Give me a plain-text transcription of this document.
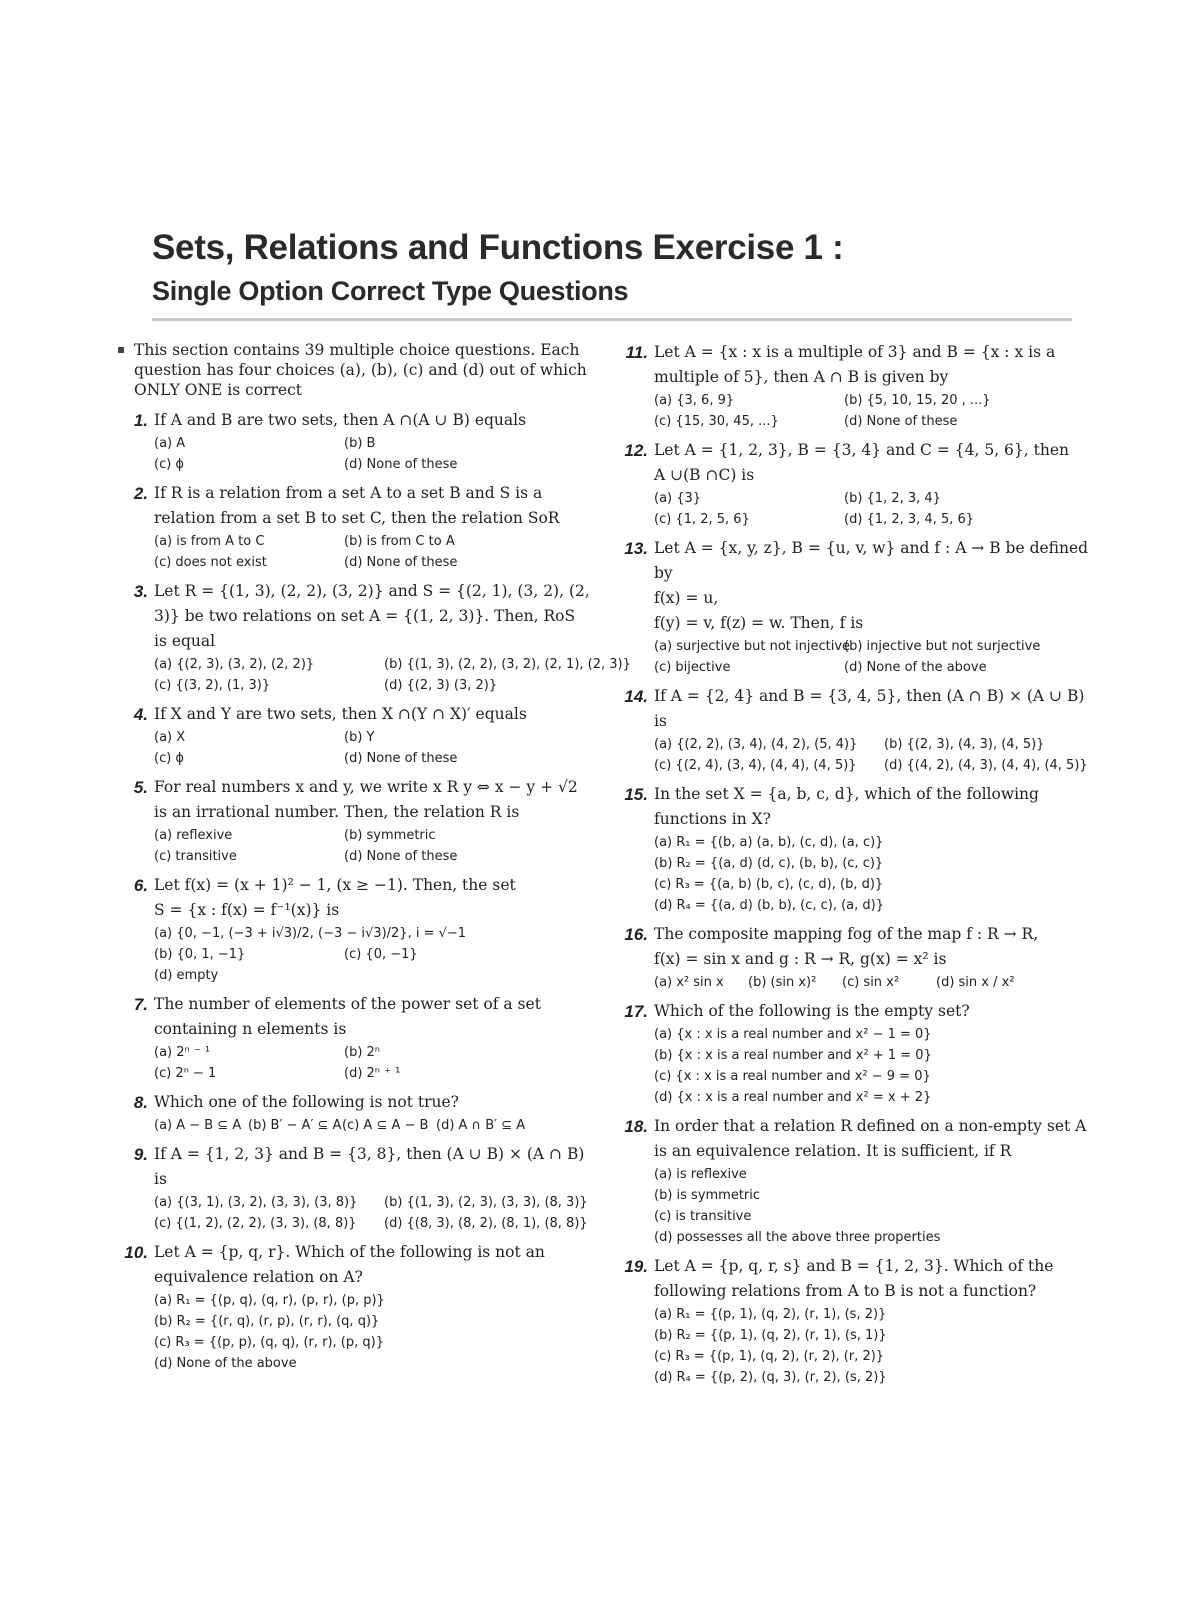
Sets, Relations and Functions Exercise 1 :
Single Option Correct Type Questions
This section contains 39 multiple choice questions. Each question has four choices (a), (b), (c) and (d) out of which ONLY ONE is correct
1. If A and B are two sets, then A ∩(A ∪ B) equals
(a) A	(b) B
(c) ϕ	(d) None of these
2. If R is a relation from a set A to a set B and S is a relation from a set B to set C, then the relation SoR
(a) is from A to C	(b) is from C to A
(c) does not exist	(d) None of these
3. Let R = {(1, 3), (2, 2), (3, 2)} and S = {(2, 1), (3, 2), (2, 3)} be two relations on set A = {(1, 2, 3)}. Then, RoS is equal
(a) {(2, 3), (3, 2), (2, 2)}	(b) {(1, 3), (2, 2), (3, 2), (2, 1), (2, 3)}
(c) {(3, 2), (1, 3)}	(d) {(2, 3) (3, 2)}
4. If X and Y are two sets, then X ∩(Y ∩ X)′ equals
(a) X	(b) Y
(c) ϕ	(d) None of these
5. For real numbers x and y, we write x R y ⇔ x − y + √2
is an irrational number. Then, the relation R is
(a) reflexive	(b) symmetric
(c) transitive	(d) None of these
6. Let f(x) = (x + 1)² − 1, (x ≥ −1). Then, the set
S = {x : f(x) = f⁻¹(x)} is
(a) {0, −1, (−3 + i√3)/2, (−3 − i√3)/2}, i = √−1
(b) {0, 1, −1}	(c) {0, −1}
(d) empty
7. The number of elements of the power set of a set containing n elements is
(a) 2ⁿ ⁻ ¹	(b) 2ⁿ
(c) 2ⁿ − 1	(d) 2ⁿ ⁺ ¹
8. Which one of the following is not true?
(a) A − B ⊆ A (b) B′ − A′ ⊆ A (c) A ⊆ A − B (d) A ∩ B′ ⊆ A
9. If A = {1, 2, 3} and B = {3, 8}, then (A ∪ B) × (A ∩ B) is
(a) {(3, 1), (3, 2), (3, 3), (3, 8)}	(b) {(1, 3), (2, 3), (3, 3), (8, 3)}
(c) {(1, 2), (2, 2), (3, 3), (8, 8)}	(d) {(8, 3), (8, 2), (8, 1), (8, 8)}
10. Let A = {p, q, r}. Which of the following is not an equivalence relation on A?
(a) R₁ = {(p, q), (q, r), (p, r), (p, p)}
(b) R₂ = {(r, q), (r, p), (r, r), (q, q)}
(c) R₃ = {(p, p), (q, q), (r, r), (p, q)}
(d) None of the above
11. Let A = {x : x is a multiple of 3} and B = {x : x is a multiple of 5}, then A ∩ B is given by
(a) {3, 6, 9}	(b) {5, 10, 15, 20 , ...}
(c) {15, 30, 45, ...}	(d) None of these
12. Let A = {1, 2, 3}, B = {3, 4} and C = {4, 5, 6}, then
A ∪(B ∩C) is
(a) {3}	(b) {1, 2, 3, 4}
(c) {1, 2, 5, 6}	(d) {1, 2, 3, 4, 5, 6}
13. Let A = {x, y, z}, B = {u, v, w} and f : A → B be defined by
f(x) = u,
f(y) = v, f(z) = w. Then, f is
(a) surjective but not injective
(b) injective but not surjective
(c) bijective	(d) None of the above
14. If A = {2, 4} and B = {3, 4, 5}, then (A ∩ B) × (A ∪ B) is
(a) {(2, 2), (3, 4), (4, 2), (5, 4)}	(b) {(2, 3), (4, 3), (4, 5)}
(c) {(2, 4), (3, 4), (4, 4), (4, 5)}	(d) {(4, 2), (4, 3), (4, 4), (4, 5)}
15. In the set X = {a, b, c, d}, which of the following
functions in X?
(a) R₁ = {(b, a) (a, b), (c, d), (a, c)}
(b) R₂ = {(a, d) (d, c), (b, b), (c, c)}
(c) R₃ = {(a, b) (b, c), (c, d), (b, d)}
(d) R₄ = {(a, d) (b, b), (c, c), (a, d)}
16. The composite mapping fog of the map f : R → R,
f(x) = sin x and g : R → R, g(x) = x² is
(a) x² sin x	(b) (sin x)²	(c) sin x²	(d) sin x / x²
17. Which of the following is the empty set?
(a) {x : x is a real number and x² − 1 = 0}
(b) {x : x is a real number and x² + 1 = 0}
(c) {x : x is a real number and x² − 9 = 0}
(d) {x : x is a real number and x² = x + 2}
18. In order that a relation R defined on a non-empty set A is an equivalence relation. It is sufficient, if R
(a) is reflexive
(b) is symmetric
(c) is transitive
(d) possesses all the above three properties
19. Let A = {p, q, r, s} and B = {1, 2, 3}. Which of the following relations from A to B is not a function?
(a) R₁ = {(p, 1), (q, 2), (r, 1), (s, 2)}
(b) R₂ = {(p, 1), (q, 2), (r, 1), (s, 1)}
(c) R₃ = {(p, 1), (q, 2), (r, 2), (r, 2)}
(d) R₄ = {(p, 2), (q, 3), (r, 2), (s, 2)}
